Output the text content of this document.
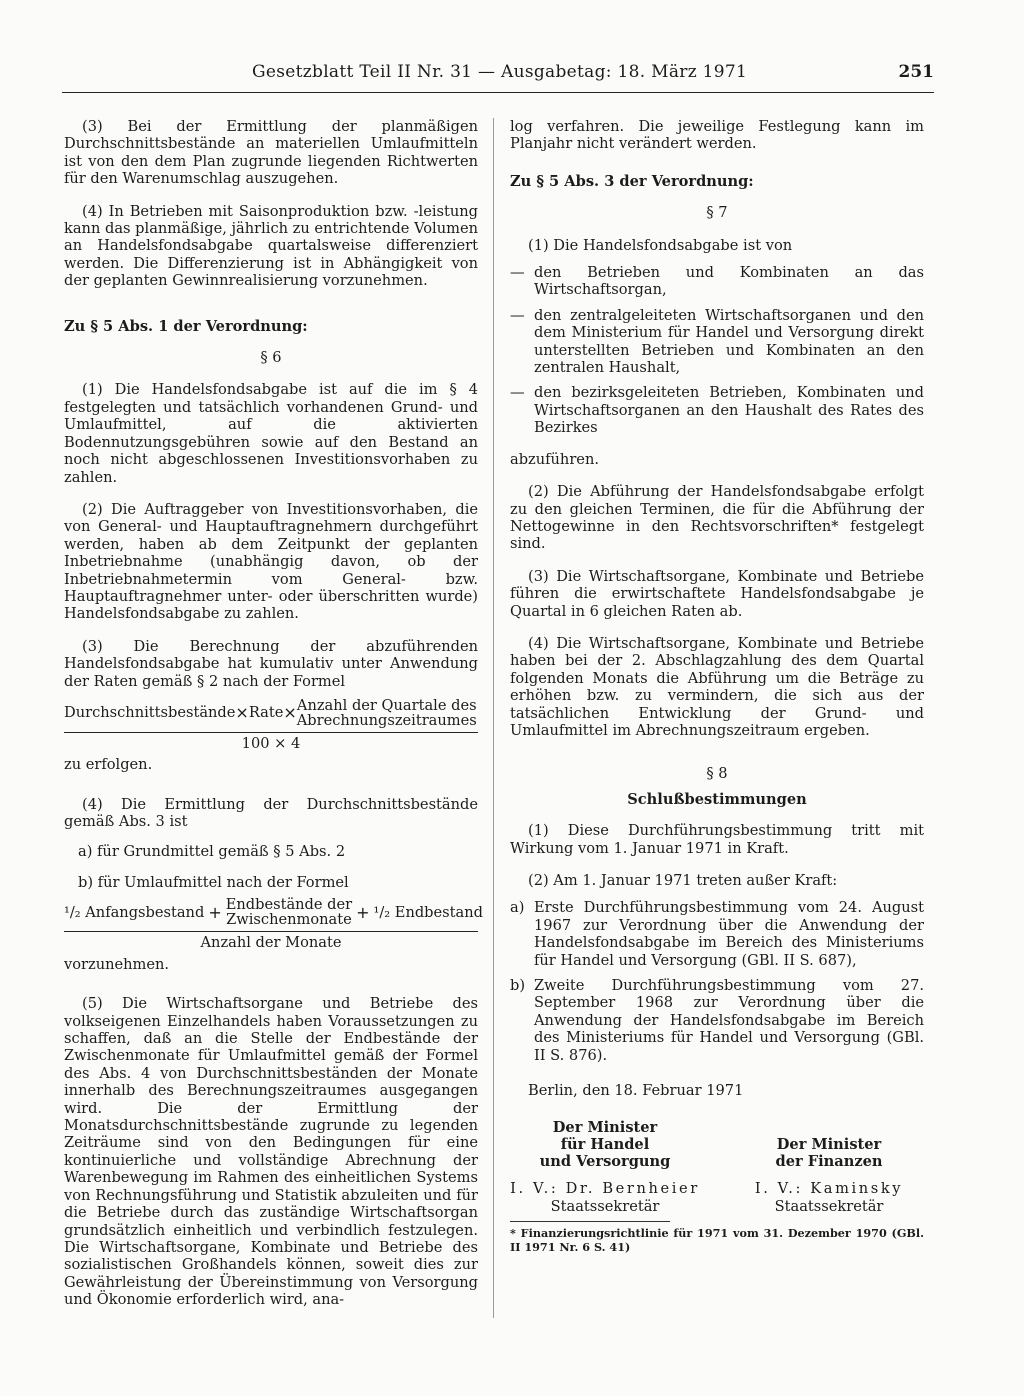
Gesetzblatt Teil II Nr. 31 — Ausgabetag: 18. März 1971	251

(3) Bei der Ermittlung der planmäßigen Durchschnittsbestände an materiellen Umlaufmitteln ist von den dem Plan zugrunde liegenden Richtwerten für den Warenumschlag auszugehen.

(4) In Betrieben mit Saisonproduktion bzw. -leistung kann das planmäßige, jährlich zu entrichtende Volumen an Handelsfondsabgabe quartalsweise differenziert werden. Die Differenzierung ist in Abhängigkeit von der geplanten Gewinnrealisierung vorzunehmen.

Zu § 5 Abs. 1 der Verordnung:
§ 6

(1) Die Handelsfondsabgabe ist auf die im § 4 festgelegten und tatsächlich vorhandenen Grund- und Umlaufmittel, auf die aktivierten Bodennutzungsgebühren sowie auf den Bestand an noch nicht abgeschlossenen Investitionsvorhaben zu zahlen.

(2) Die Auftraggeber von Investitionsvorhaben, die von General- und Hauptauftragnehmern durchgeführt werden, haben ab dem Zeitpunkt der geplanten Inbetriebnahme (unabhängig davon, ob der Inbetriebnahmetermin vom General- bzw. Hauptauftragnehmer unter- oder überschritten wurde) Handelsfondsabgabe zu zahlen.

(3) Die Berechnung der abzuführenden Handelsfondsabgabe hat kumulativ unter Anwendung der Raten gemäß § 2 nach der Formel

Durchschnittsbestände × Rate × Anzahl der Quartale des
Abrechnungszeitraumes
100 × 4

zu erfolgen.

(4) Die Ermittlung der Durchschnittsbestände gemäß Abs. 3 ist

a) für Grundmittel gemäß § 5 Abs. 2

b) für Umlaufmittel nach der Formel

¹/₂ Anfangsbestand + Endbestände der
Zwischenmonate + ¹/₂ Endbestand
Anzahl der Monate

vorzunehmen.

(5) Die Wirtschaftsorgane und Betriebe des volkseigenen Einzelhandels haben Voraussetzungen zu schaffen, daß an die Stelle der Endbestände der Zwischenmonate für Umlaufmittel gemäß der Formel des Abs. 4 von Durchschnittsbeständen der Monate innerhalb des Berechnungszeitraumes ausgegangen wird. Die der Ermittlung der Monatsdurchschnittsbestände zugrunde zu legenden Zeiträume sind von den Bedingungen für eine kontinuierliche und vollständige Abrechnung der Warenbewegung im Rahmen des einheitlichen Systems von Rechnungsführung und Statistik abzuleiten und für die Betriebe durch das zuständige Wirtschaftsorgan grundsätzlich einheitlich und verbindlich festzulegen. Die Wirtschaftsorgane, Kombinate und Betriebe des sozialistischen Großhandels können, soweit dies zur Gewährleistung der Übereinstimmung von Versorgung und Ökonomie erforderlich wird, ana-

log verfahren. Die jeweilige Festlegung kann im Planjahr nicht verändert werden.

Zu § 5 Abs. 3 der Verordnung:
§ 7

(1) Die Handelsfondsabgabe ist von

— den Betrieben und Kombinaten an das Wirtschaftsorgan,
— den zentralgeleiteten Wirtschaftsorganen und den dem Ministerium für Handel und Versorgung direkt unterstellten Betrieben und Kombinaten an den zentralen Haushalt,
— den bezirksgeleiteten Betrieben, Kombinaten und Wirtschaftsorganen an den Haushalt des Rates des Bezirkes

abzuführen.

(2) Die Abführung der Handelsfondsabgabe erfolgt zu den gleichen Terminen, die für die Abführung der Nettogewinne in den Rechtsvorschriften* festgelegt sind.

(3) Die Wirtschaftsorgane, Kombinate und Betriebe führen die erwirtschaftete Handelsfondsabgabe je Quartal in 6 gleichen Raten ab.

(4) Die Wirtschaftsorgane, Kombinate und Betriebe haben bei der 2. Abschlagzahlung des dem Quartal folgenden Monats die Abführung um die Beträge zu erhöhen bzw. zu vermindern, die sich aus der tatsächlichen Entwicklung der Grund- und Umlaufmittel im Abrechnungszeitraum ergeben.

§ 8
Schlußbestimmungen

(1) Diese Durchführungsbestimmung tritt mit Wirkung vom 1. Januar 1971 in Kraft.

(2) Am 1. Januar 1971 treten außer Kraft:

a) Erste Durchführungsbestimmung vom 24. August 1967 zur Verordnung über die Anwendung der Handelsfondsabgabe im Bereich des Ministeriums für Handel und Versorgung (GBl. II S. 687),
b) Zweite Durchführungsbestimmung vom 27. September 1968 zur Verordnung über die Anwendung der Handelsfondsabgabe im Bereich des Ministeriums für Handel und Versorgung (GBl. II S. 876).

Berlin, den 18. Februar 1971

Der Minister
für Handel
und Versorgung
I. V.: Dr. Bernheier
Staatssekretär
Der Minister
der Finanzen
I. V.: Kaminsky
Staatssekretär
* Finanzierungsrichtlinie für 1971 vom 31. Dezember 1970 (GBl. II 1971 Nr. 6 S. 41)
